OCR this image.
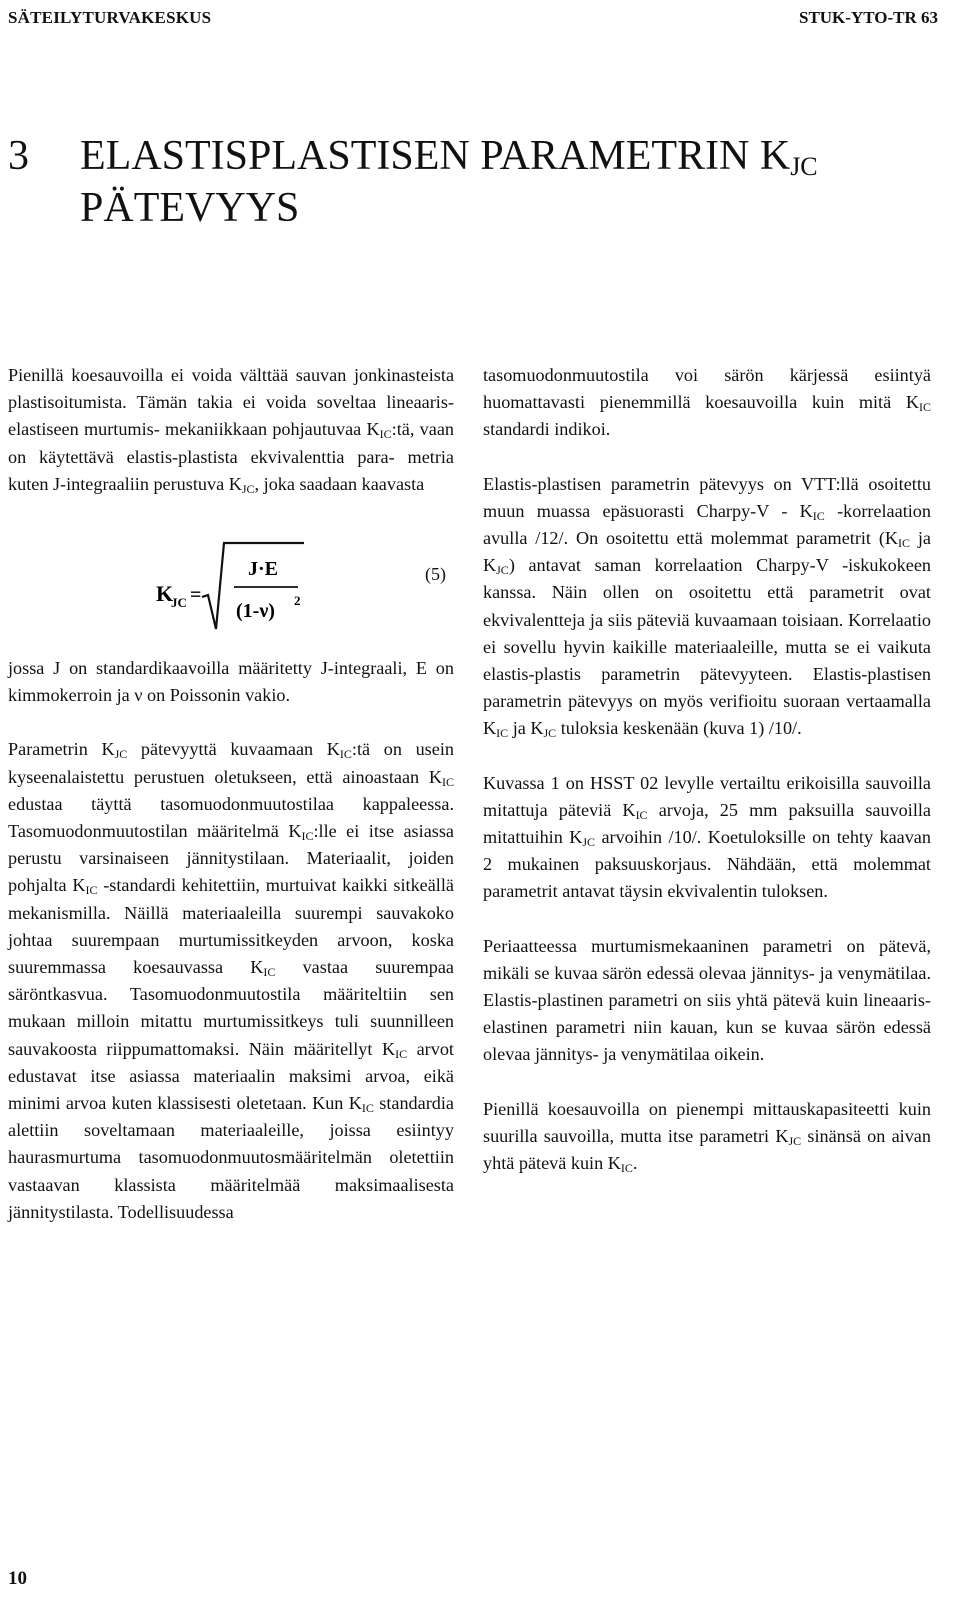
SÄTEILYTURVAKESKUS	STUK-YTO-TR 63
3 ELASTISPLASTISEN PARAMETRIN $K_{JC}$
PÄTEVYYS

Pienillä koesauvoilla ei voida välttää sauvan jonkinasteista plastisoitumista. Tämän takia ei voida soveltaa lineaaris-elastiseen murtumis- mekaniikkaan pohjautuvaa $K_{IC}:tä$, vaan on käytettävä elastis-plastista ekvivalenttia para- metria kuten J-integraaliin perustuva $K_{JC}$, joka saadaan kaavasta

K
JC =
J·E
(1-ν) 2
(5)

jossa J on standardikaavoilla määritetty J-integraali, E on kimmokerroin ja ν on Poissonin vakio.

Parametrin $K_{JC}$ pätevyyttä kuvaamaan $K_{IC}:tä$ on usein kyseenalaistettu perustuen oletukseen, että ainoastaan $K_{IC}$ edustaa täyttä tasomuodonmuutostilaa kappaleessa. Tasomuodonmuutostilan määritelmä $K_{IC}:lle$ ei itse asiassa perustu varsinaiseen jännitystilaan. Materiaalit, joiden pohjalta $K_{IC}$ -standardi kehitettiin, murtuivat kaikki sitkeällä mekanismilla. Näillä materiaaleilla suurempi sauvakoko johtaa suurempaan murtumissitkeyden arvoon, koska suuremmassa koesauvassa $K_{IC}$ vastaa suurempaa säröntkasvua. Tasomuodonmuutostila määriteltiin sen mukaan milloin mitattu murtumissitkeys tuli suunnilleen sauvakoosta riippumattomaksi. Näin määritellyt $K_{IC}$ arvot edustavat itse asiassa materiaalin maksimi arvoa, eikä minimi arvoa kuten klassisesti oletetaan. Kun $K_{IC}$ standardia alettiin soveltamaan materiaaleille, joissa esiintyy haurasmurtuma tasomuodonmuutosmääritelmän oletettiin vastaavan klassista määritelmää maksimaalisesta jännitystilasta. Todellisuudessa

tasomuodonmuutostila voi särön kärjessä esiintyä huomattavasti pienemmillä koesauvoilla kuin mitä $K_{IC}$ standardi indikoi.

Elastis-plastisen parametrin pätevyys on VTT:llä osoitettu muun muassa epäsuorasti Charpy-V - $K_{IC}$ -korrelaation avulla /12/. On osoitettu että molemmat parametrit ($K_{IC}$ ja $K_{JC}$) antavat saman korrelaation Charpy-V -iskukokeen kanssa. Näin ollen on osoitettu että parametrit ovat ekvivalentteja ja siis päteviä kuvaamaan toisiaan. Korrelaatio ei sovellu hyvin kaikille materiaaleille, mutta se ei vaikuta elastis-plastis parametrin pätevyyteen. Elastis-plastisen parametrin pätevyys on myös verifioitu suoraan vertaamalla $K_{IC}$ ja $K_{JC}$ tuloksia keskenään (kuva 1) /10/.

Kuvassa 1 on HSST 02 levylle vertailtu erikoisilla sauvoilla mitattuja päteviä $K_{IC}$ arvoja, 25 mm paksuilla sauvoilla mitattuihin $K_{JC}$ arvoihin /10/. Koetuloksille on tehty kaavan 2 mukainen paksuuskorjaus. Nähdään, että molemmat parametrit antavat täysin ekvivalentin tuloksen.

Periaatteessa murtumismekaaninen parametri on pätevä, mikäli se kuvaa särön edessä olevaa jännitys- ja venymätilaa. Elastis-plastinen parametri on siis yhtä pätevä kuin lineaaris-elastinen parametri niin kauan, kun se kuvaa särön edessä olevaa jännitys- ja venymätilaa oikein.

Pienillä koesauvoilla on pienempi mittauskapasiteetti kuin suurilla sauvoilla, mutta itse parametri $K_{JC}$ sinänsä on aivan yhtä pätevä kuin $K_{IC}$.

10
